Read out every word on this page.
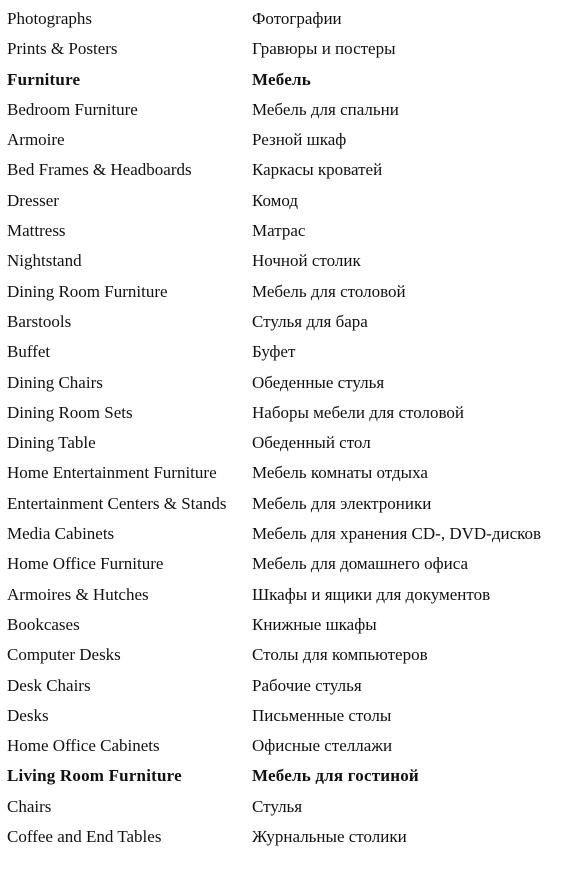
Photographs	Фотографии
Prints & Posters	Гравюры и постеры
Furniture	Мебель
Bedroom Furniture	Мебель для спальни
Armoire	Резной шкаф
Bed Frames & Headboards	Каркасы кроватей
Dresser	Комод
Mattress	Матрас
Nightstand	Ночной столик
Dining Room Furniture	Мебель для столовой
Barstools	Стулья для бара
Buffet	Буфет
Dining Chairs	Обеденные стулья
Dining Room Sets	Наборы мебели для столовой
Dining Table	Обеденный стол
Home Entertainment Furniture	Мебель комнаты отдыха
Entertainment Centers & Stands	Мебель для электроники
Media Cabinets	Мебель для хранения CD-, DVD-дисков
Home Office Furniture	Мебель для домашнего офиса
Armoires & Hutches	Шкафы и ящики для документов
Bookcases	Книжные шкафы
Computer Desks	Столы для компьютеров
Desk Chairs	Рабочие стулья
Desks	Письменные столы
Home Office Cabinets	Офисные стеллажи
Living Room Furniture	Мебель для гостиной
Chairs	Стулья
Coffee and End Tables	Журнальные столики
